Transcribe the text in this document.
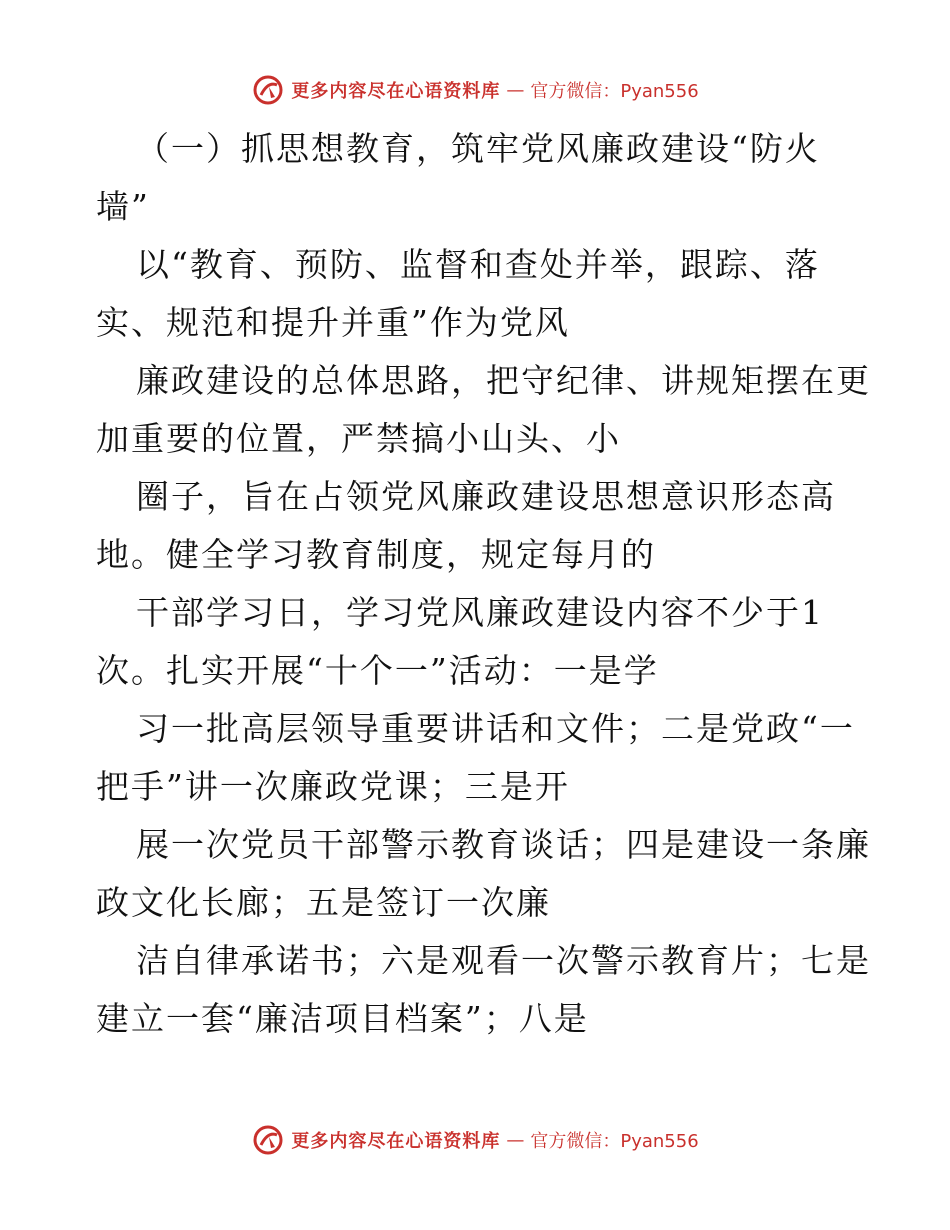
更多内容尽在心语资料库 — 官方微信：Pyan556
（一）抓思想教育，筑牢党风廉政建设“防火
墙”
以“教育、预防、监督和查处并举，跟踪、落
实、规范和提升并重”作为党风
廉政建设的总体思路，把守纪律、讲规矩摆在更
加重要的位置，严禁搞小山头、小
圈子，旨在占领党风廉政建设思想意识形态高
地。健全学习教育制度，规定每月的
干部学习日，学习党风廉政建设内容不少于1
次。扎实开展“十个一”活动：一是学
习一批高层领导重要讲话和文件；二是党政“一
把手”讲一次廉政党课；三是开
展一次党员干部警示教育谈话；四是建设一条廉
政文化长廊；五是签订一次廉
洁自律承诺书；六是观看一次警示教育片；七是
建立一套“廉洁项目档案”；八是
更多内容尽在心语资料库 — 官方微信：Pyan556
